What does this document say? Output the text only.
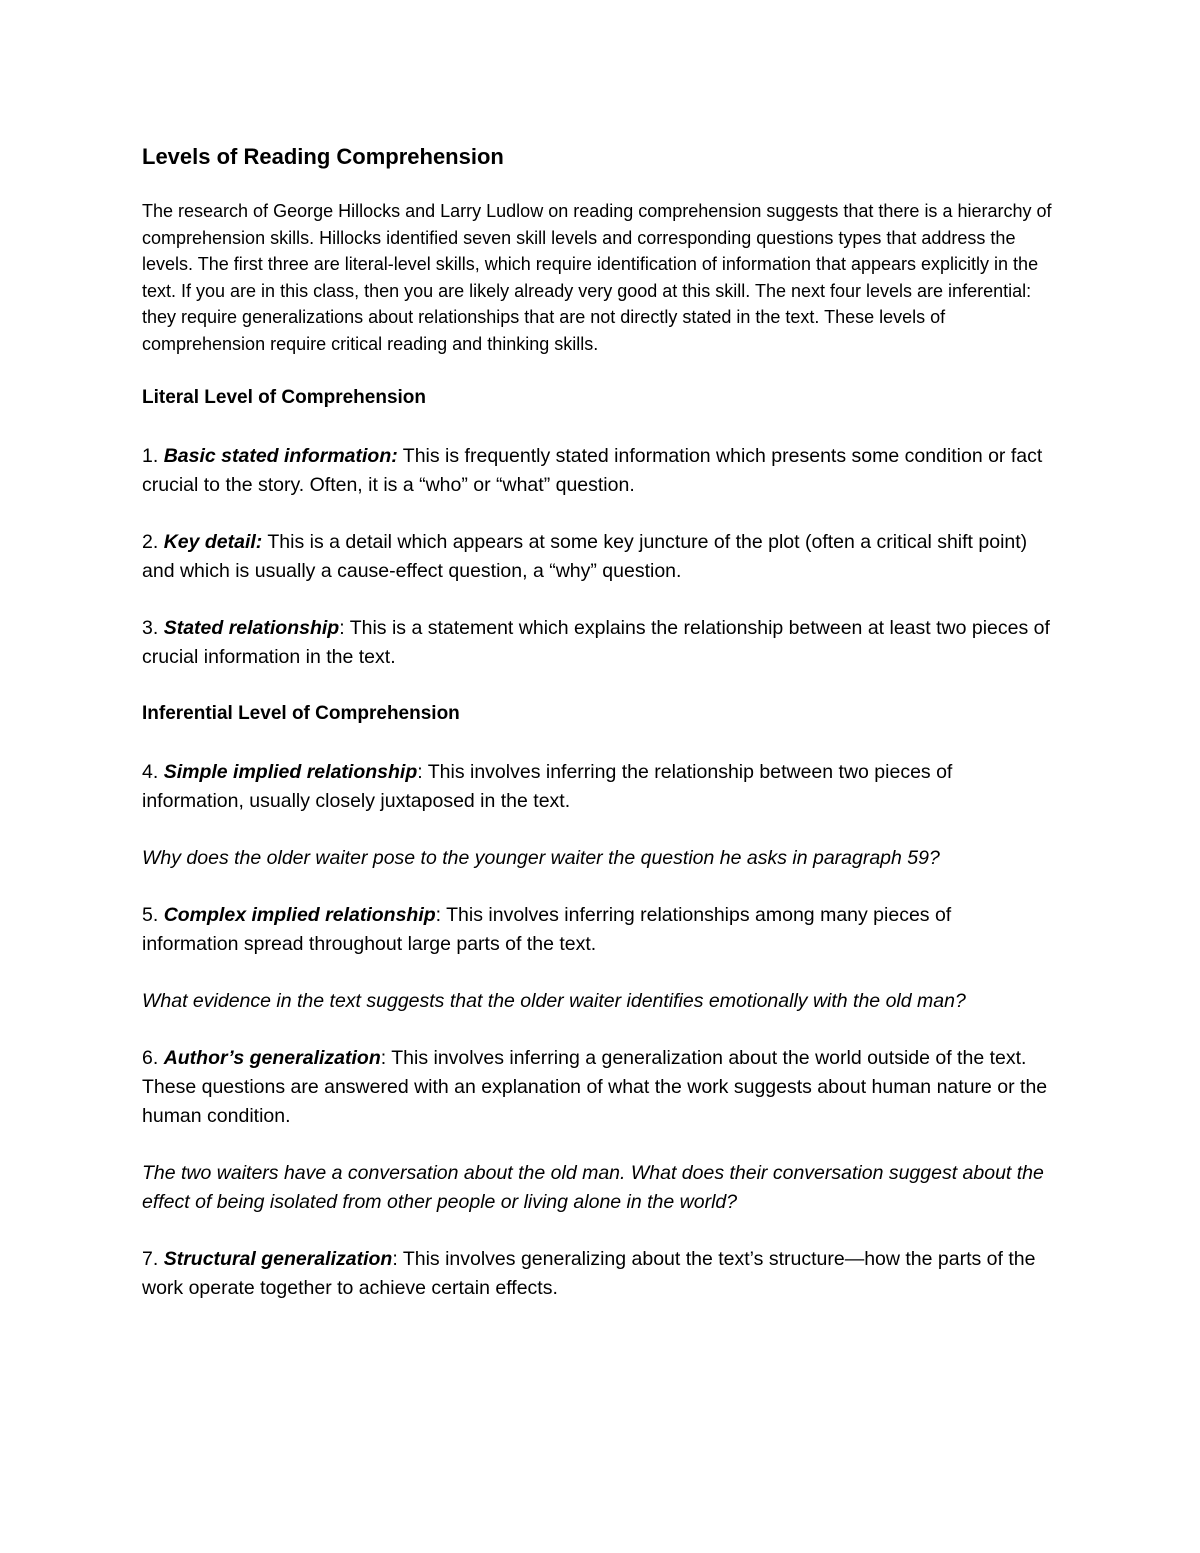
Levels of Reading Comprehension
The research of George Hillocks and Larry Ludlow on reading comprehension suggests that there is a hierarchy of comprehension skills. Hillocks identified seven skill levels and corresponding questions types that address the levels. The first three are literal-level skills, which require identification of information that appears explicitly in the text. If you are in this class, then you are likely already very good at this skill. The next four levels are inferential: they require generalizations about relationships that are not directly stated in the text. These levels of comprehension require critical reading and thinking skills.
Literal Level of Comprehension
1. Basic stated information: This is frequently stated information which presents some condition or fact crucial to the story. Often, it is a “who” or “what” question.
2. Key detail: This is a detail which appears at some key juncture of the plot (often a critical shift point) and which is usually a cause-effect question, a “why” question.
3. Stated relationship: This is a statement which explains the relationship between at least two pieces of crucial information in the text.
Inferential Level of Comprehension
4. Simple implied relationship: This involves inferring the relationship between two pieces of information, usually closely juxtaposed in the text.
Why does the older waiter pose to the younger waiter the question he asks in paragraph 59?
5. Complex implied relationship: This involves inferring relationships among many pieces of information spread throughout large parts of the text.
What evidence in the text suggests that the older waiter identifies emotionally with the old man?
6. Author’s generalization: This involves inferring a generalization about the world outside of the text. These questions are answered with an explanation of what the work suggests about human nature or the human condition.
The two waiters have a conversation about the old man. What does their conversation suggest about the effect of being isolated from other people or living alone in the world?
7. Structural generalization: This involves generalizing about the text’s structure—how the parts of the work operate together to achieve certain effects.
